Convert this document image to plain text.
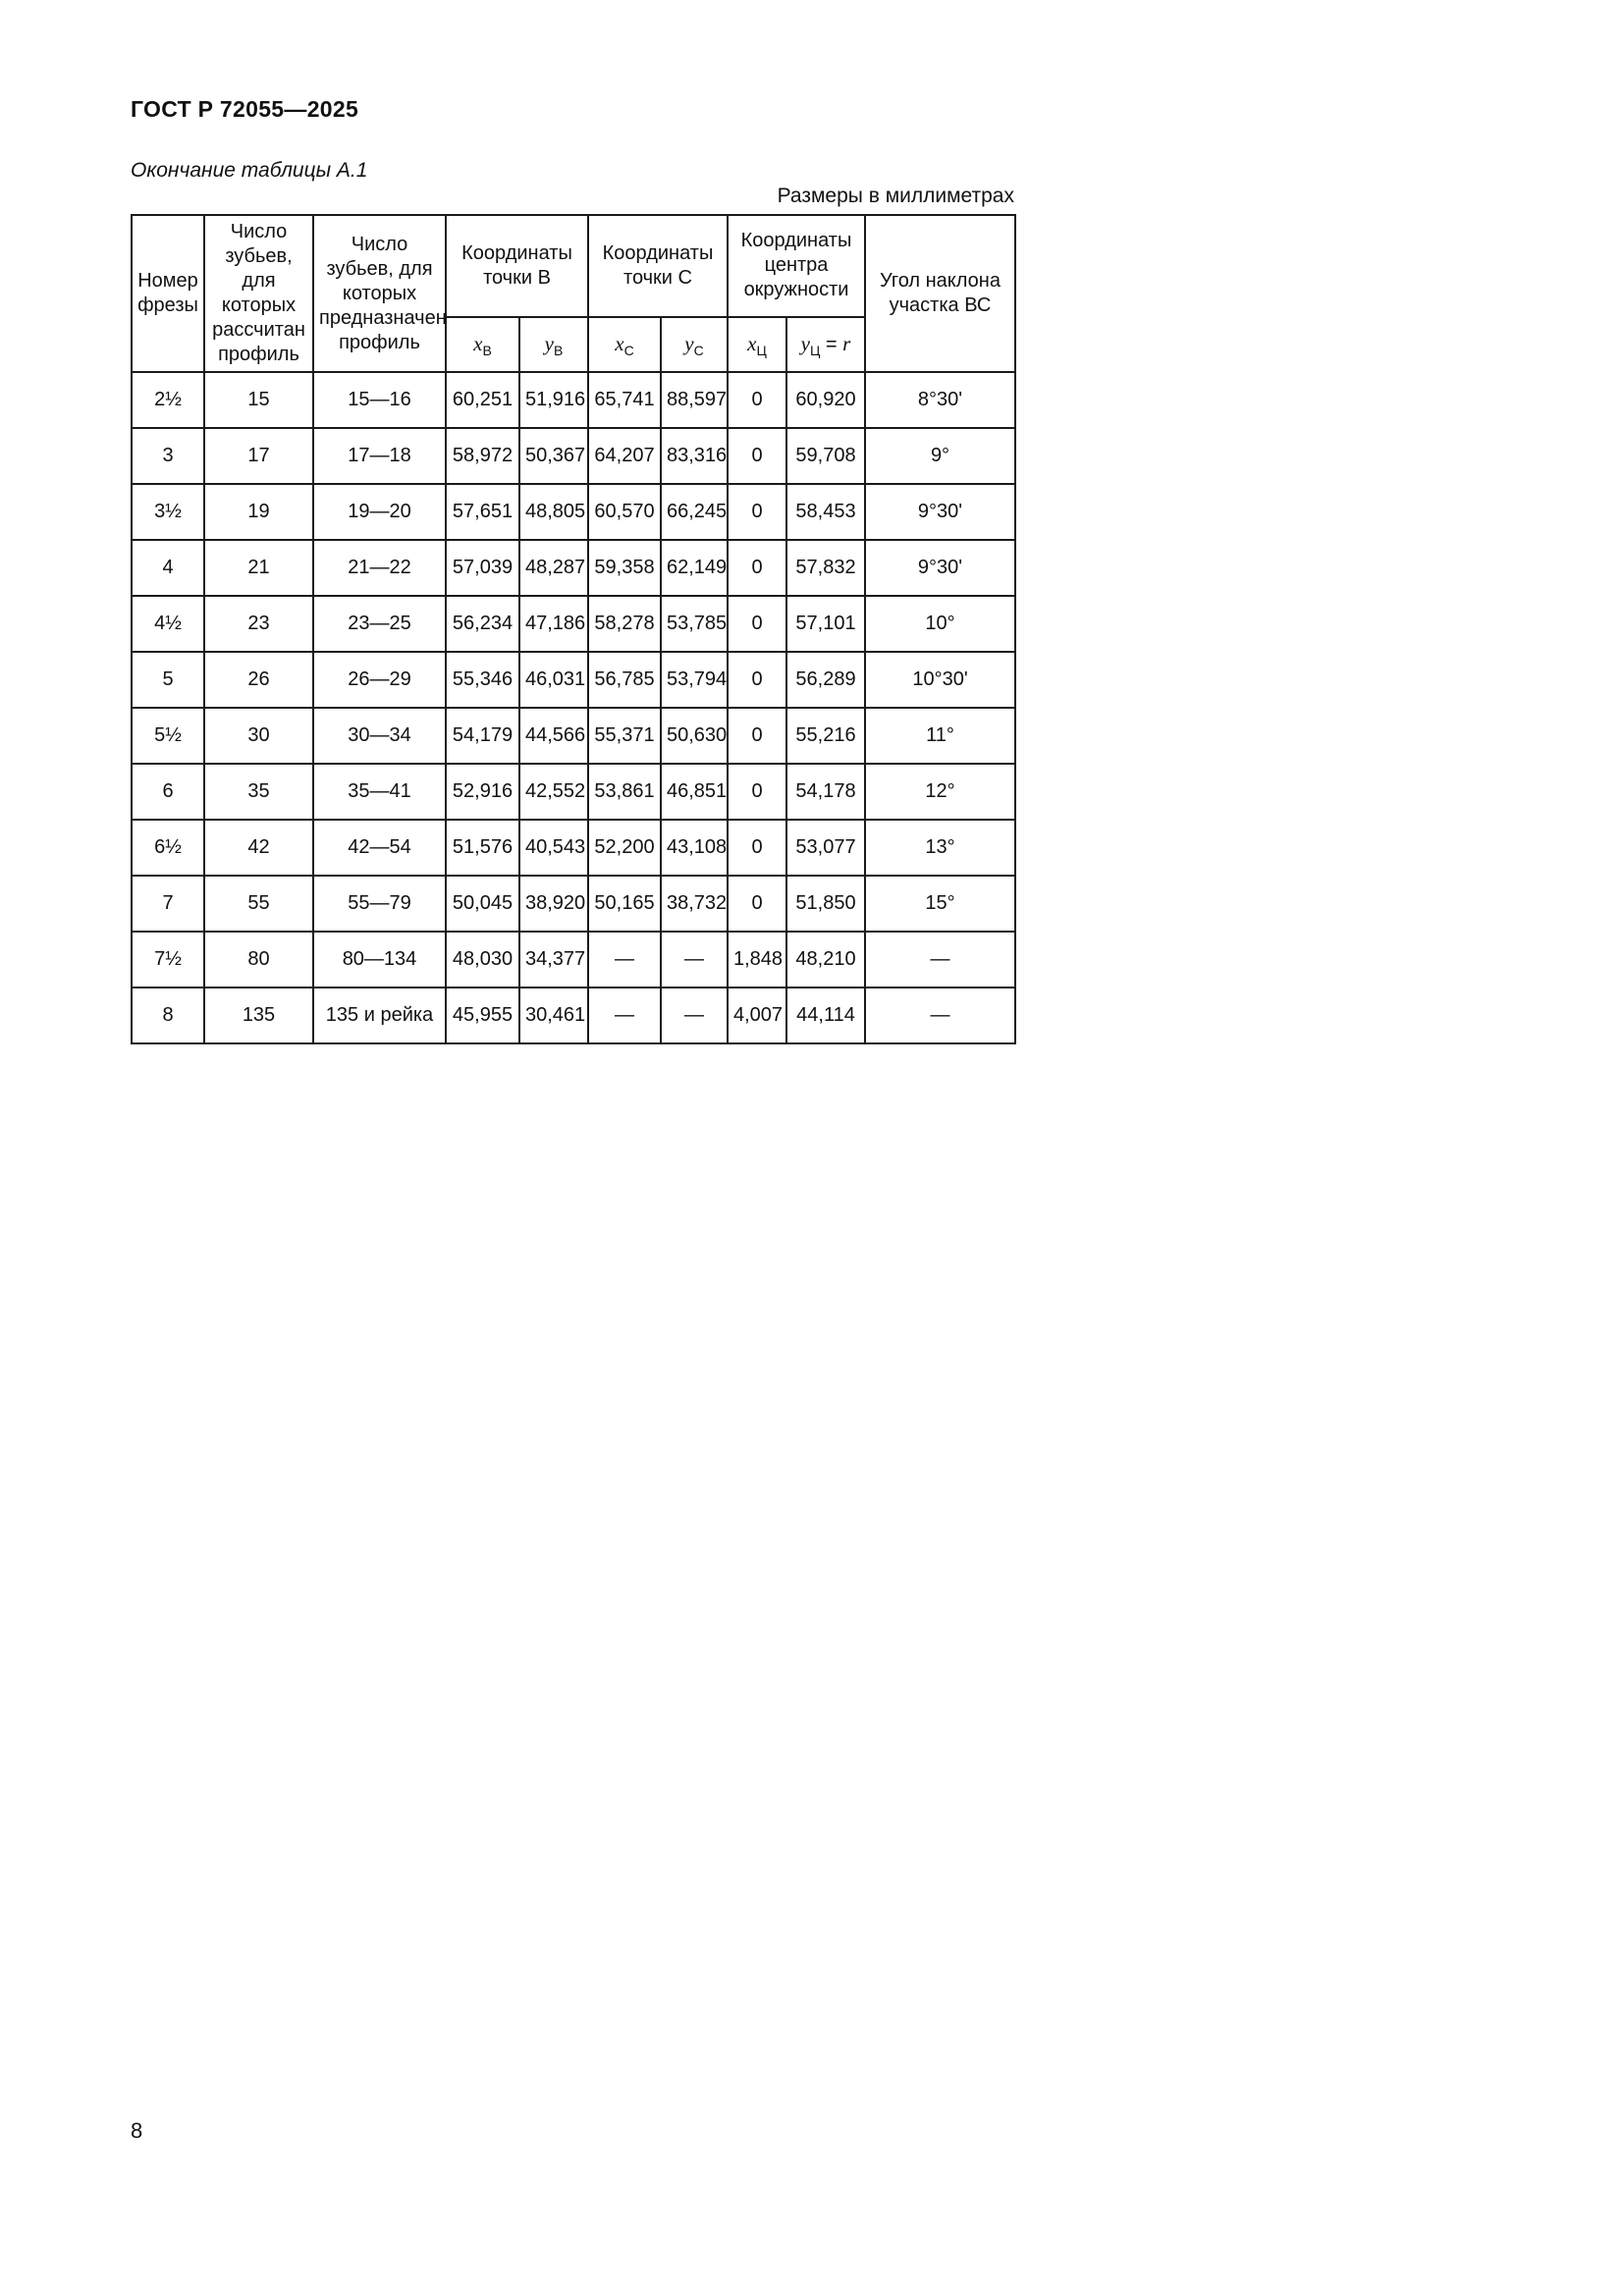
ГОСТ Р 72055—2025
Окончание таблицы А.1
Размеры в миллиметрах
Номер фрезы	Число зубьев, для которых рассчитан профиль	Число зубьев, для которых предназначен профиль	Координаты точки В		Координаты точки С		Координаты центра окружности		Угол наклона участка ВС
			$x_В$	$y_В$	$x_С$	$y_С$	$x_Ц$	$y_Ц = r$	
2½	15	15—16	60,251	51,916	65,741	88,597	0	60,920	8°30'
3	17	17—18	58,972	50,367	64,207	83,316	0	59,708	9°
3½	19	19—20	57,651	48,805	60,570	66,245	0	58,453	9°30'
4	21	21—22	57,039	48,287	59,358	62,149	0	57,832	9°30'
4½	23	23—25	56,234	47,186	58,278	53,785	0	57,101	10°
5	26	26—29	55,346	46,031	56,785	53,794	0	56,289	10°30'
5½	30	30—34	54,179	44,566	55,371	50,630	0	55,216	11°
6	35	35—41	52,916	42,552	53,861	46,851	0	54,178	12°
6½	42	42—54	51,576	40,543	52,200	43,108	0	53,077	13°
7	55	55—79	50,045	38,920	50,165	38,732	0	51,850	15°
7½	80	80—134	48,030	34,377	—	—	1,848	48,210	—
8	135	135 и рейка	45,955	30,461	—	—	4,007	44,114	—
8
